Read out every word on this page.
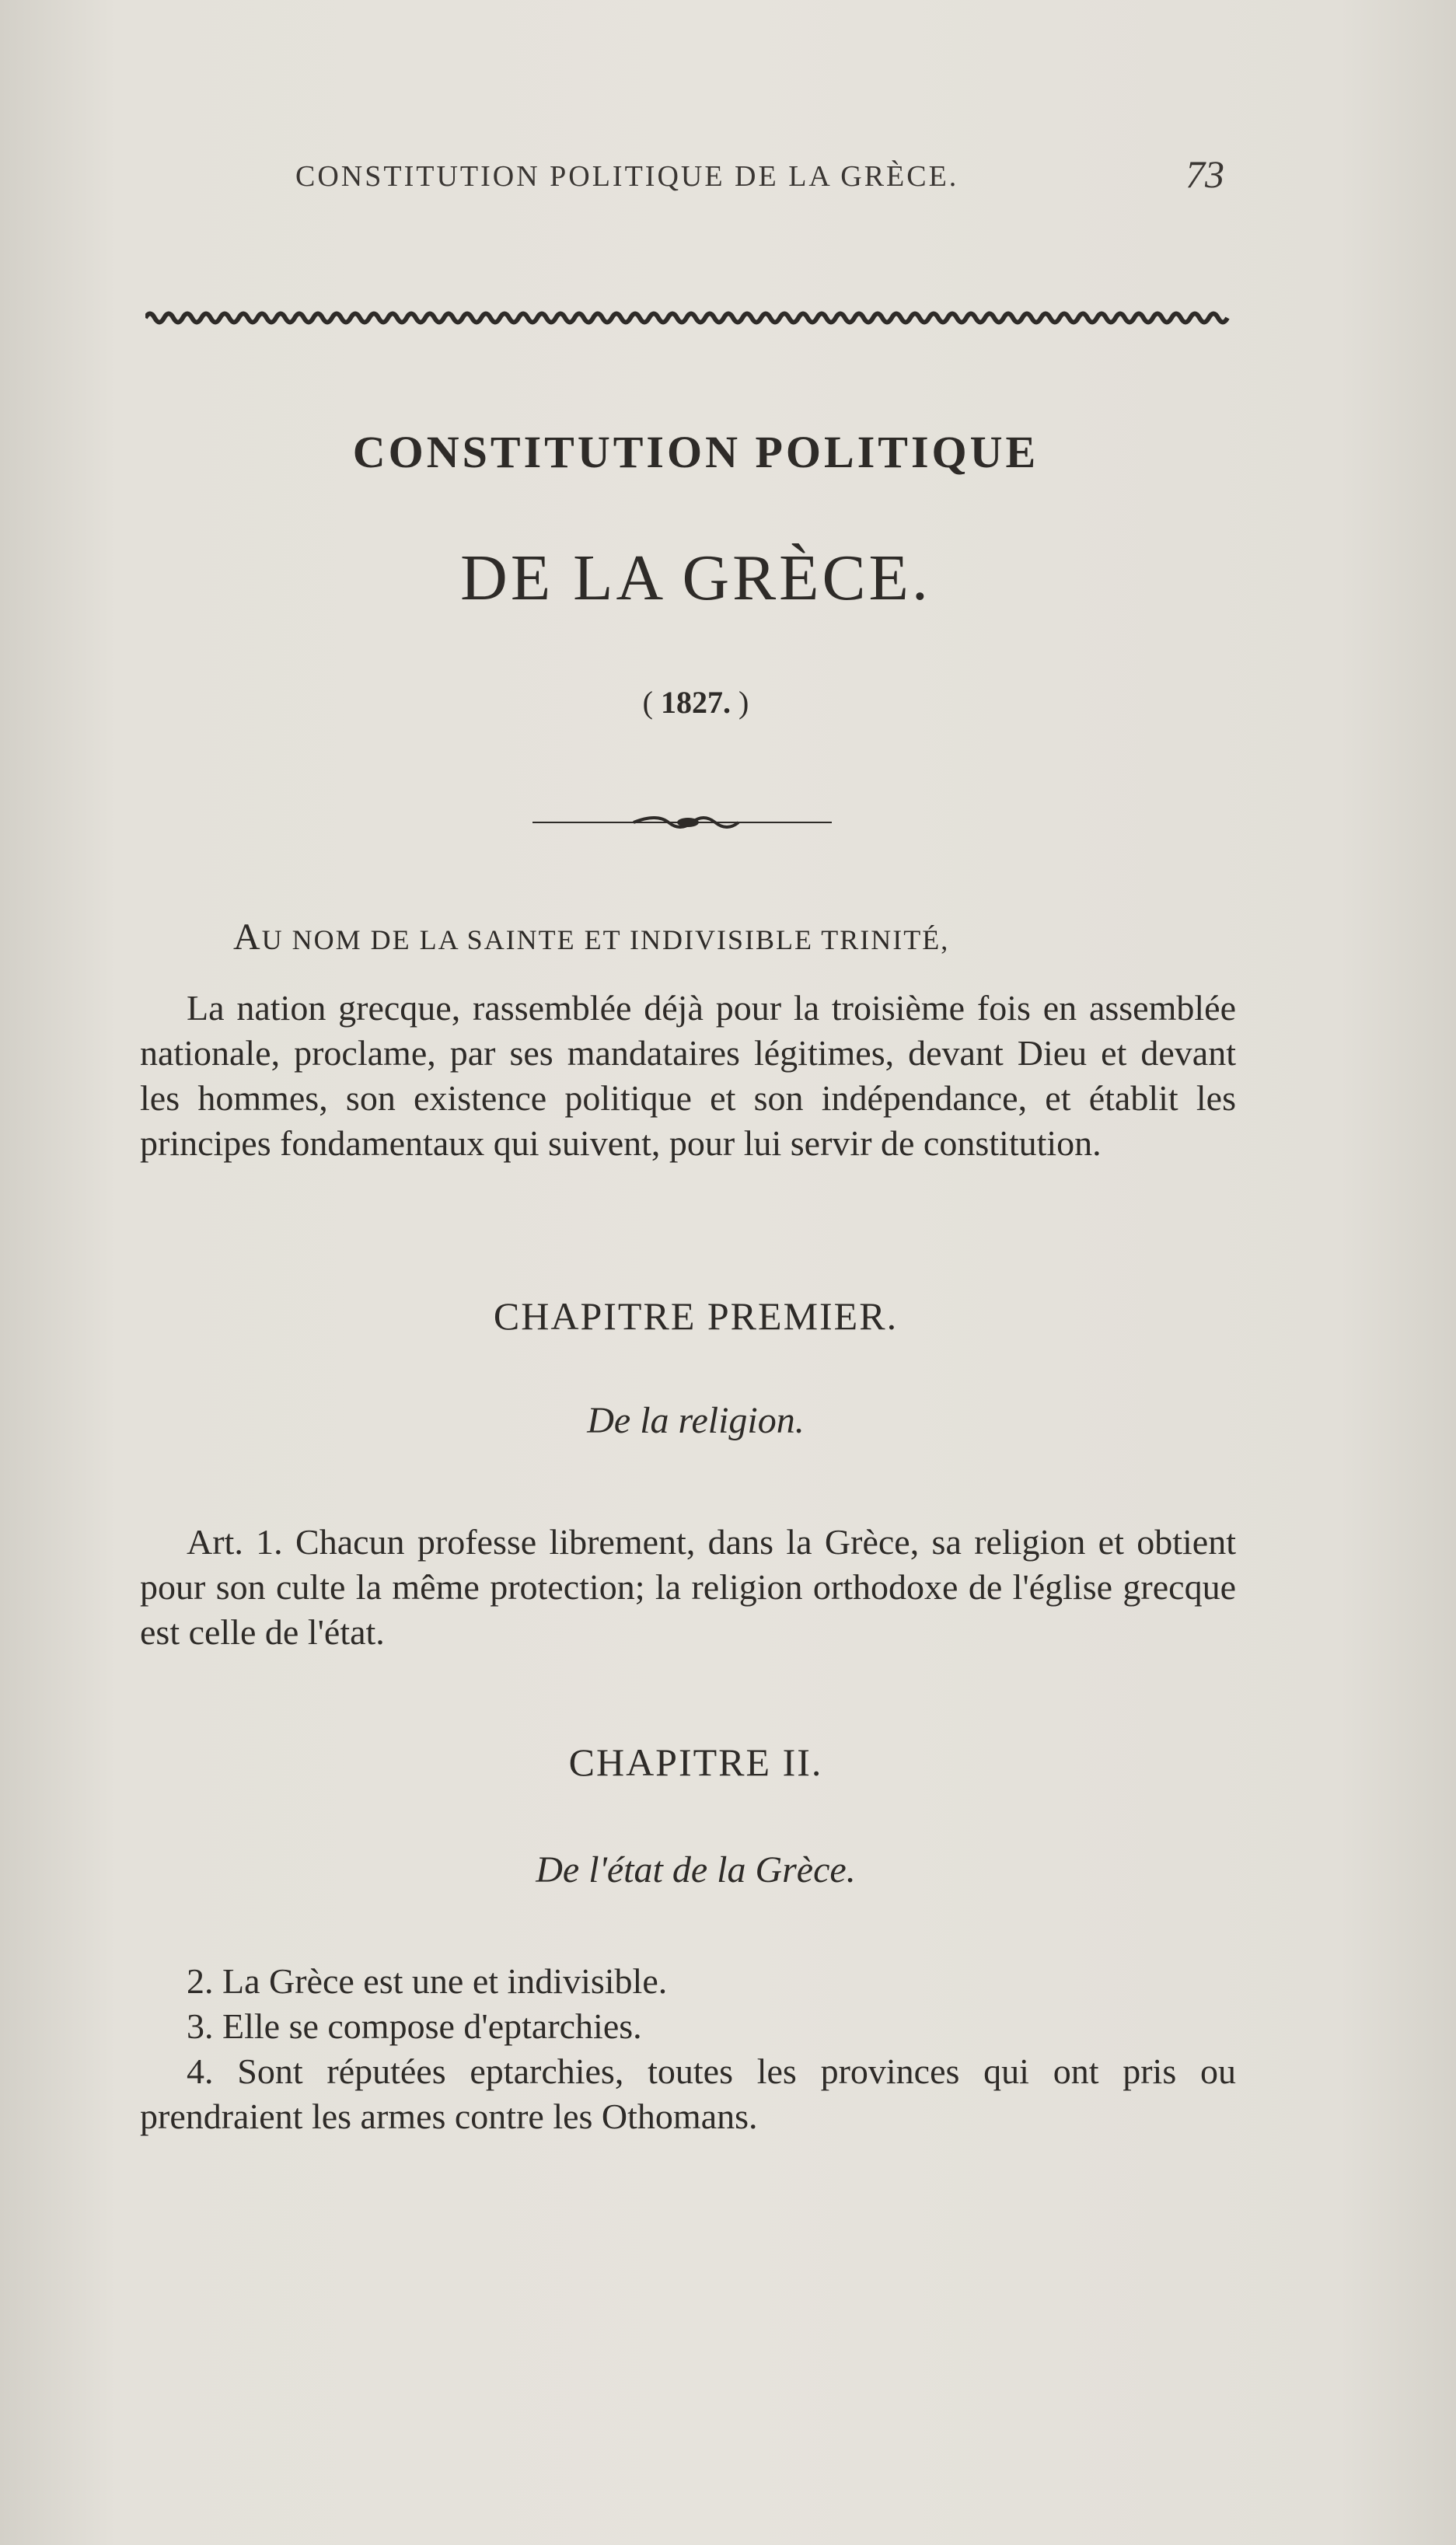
CONSTITUTION POLITIQUE DE LA GRÈCE.	73
CONSTITUTION POLITIQUE
DE LA GRÈCE.
( 1827. )
AU NOM DE LA SAINTE ET INDIVISIBLE TRINITÉ,

La nation grecque, rassemblée déjà pour la troisième fois en assemblée nationale, proclame, par ses mandataires légitimes, devant Dieu et devant les hommes, son existence politique et son indépendance, et établit les principes fondamentaux qui suivent, pour lui servir de constitution.

CHAPITRE PREMIER.
De la religion.

Art. 1. Chacun professe librement, dans la Grèce, sa religion et obtient pour son culte la même protection; la religion orthodoxe de l'église grecque est celle de l'état.

CHAPITRE II.
De l'état de la Grèce.

2. La Grèce est une et indivisible.

3. Elle se compose d'eptarchies.

4. Sont réputées eptarchies, toutes les provinces qui ont pris ou prendraient les armes contre les Othomans.
